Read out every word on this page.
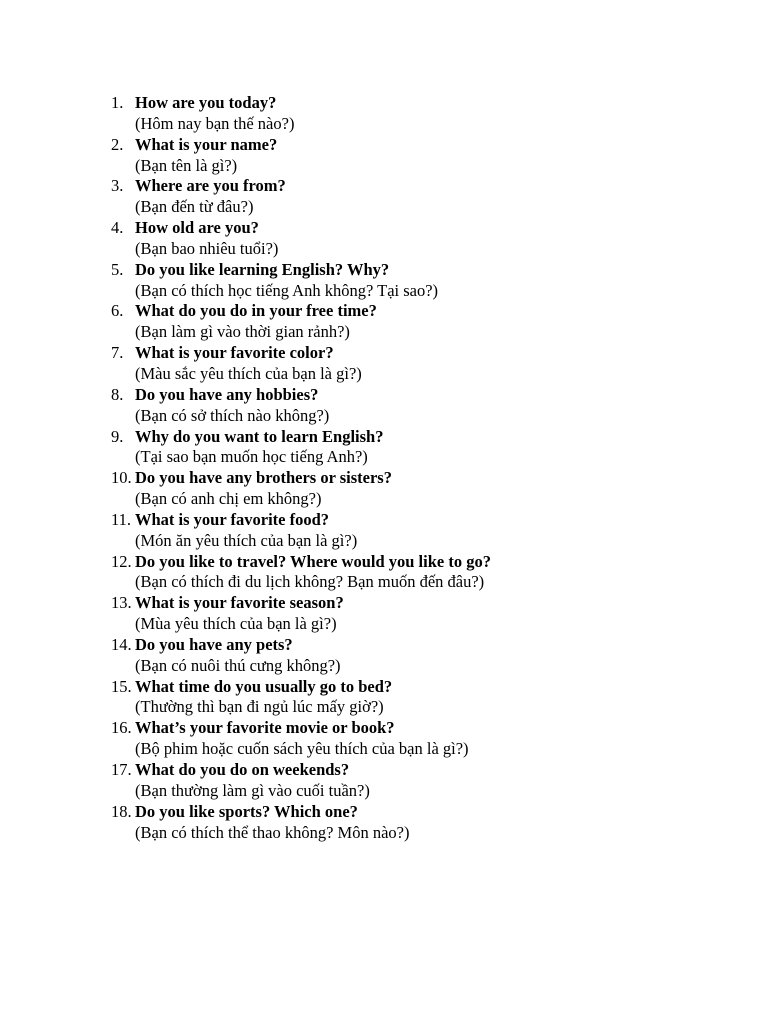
1. How are you today?
(Hôm nay bạn thế nào?)
2. What is your name?
(Bạn tên là gì?)
3. Where are you from?
(Bạn đến từ đâu?)
4. How old are you?
(Bạn bao nhiêu tuổi?)
5. Do you like learning English? Why?
(Bạn có thích học tiếng Anh không? Tại sao?)
6. What do you do in your free time?
(Bạn làm gì vào thời gian rảnh?)
7. What is your favorite color?
(Màu sắc yêu thích của bạn là gì?)
8. Do you have any hobbies?
(Bạn có sở thích nào không?)
9. Why do you want to learn English?
(Tại sao bạn muốn học tiếng Anh?)
10. Do you have any brothers or sisters?
(Bạn có anh chị em không?)
11. What is your favorite food?
(Món ăn yêu thích của bạn là gì?)
12. Do you like to travel? Where would you like to go?
(Bạn có thích đi du lịch không? Bạn muốn đến đâu?)
13. What is your favorite season?
(Mùa yêu thích của bạn là gì?)
14. Do you have any pets?
(Bạn có nuôi thú cưng không?)
15. What time do you usually go to bed?
(Thường thì bạn đi ngủ lúc mấy giờ?)
16. What’s your favorite movie or book?
(Bộ phim hoặc cuốn sách yêu thích của bạn là gì?)
17. What do you do on weekends?
(Bạn thường làm gì vào cuối tuần?)
18. Do you like sports? Which one?
(Bạn có thích thể thao không? Môn nào?)
